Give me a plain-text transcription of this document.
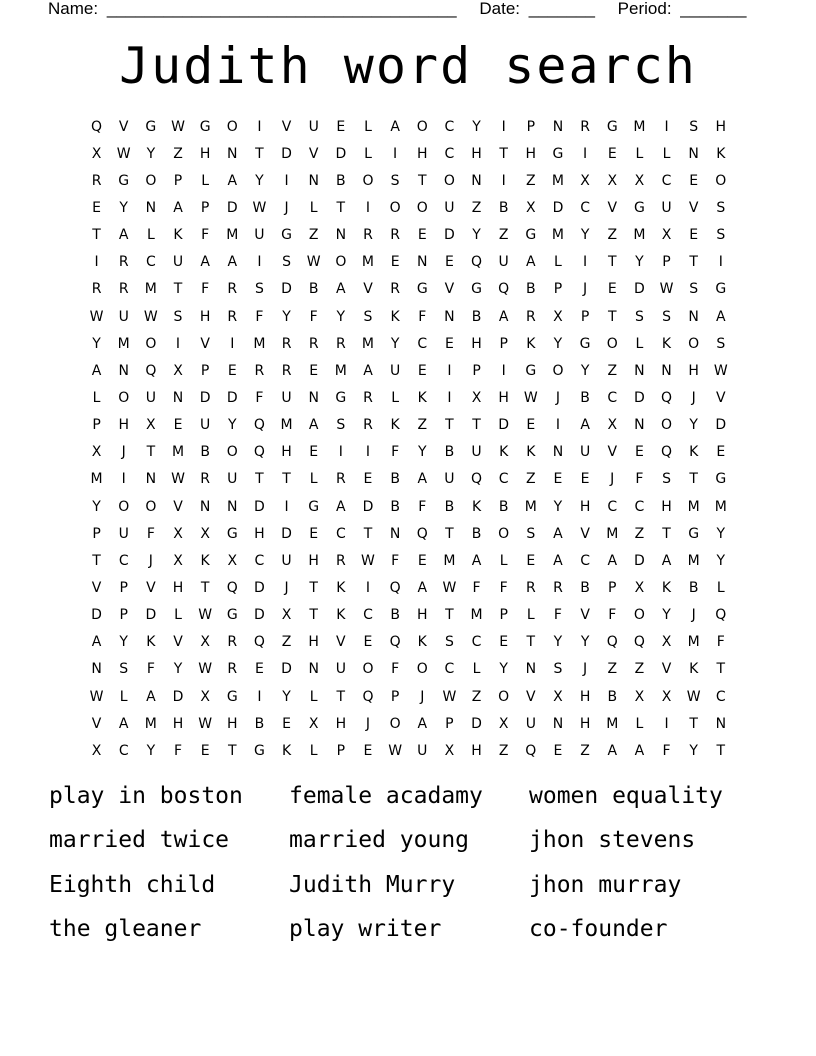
Name: _____________________________________ Date: _______ Period: _______
Judith word search
Q	V	G	W	G	O	I	V	U	E	L	A	O	C	Y	I	P	N	R	G	M	I	S	H
X	W	Y	Z	H	N	T	D	V	D	L	I	H	C	H	T	H	G	I	E	L	L	N	K
R	G	O	P	L	A	Y	I	N	B	O	S	T	O	N	I	Z	M	X	X	X	C	E	O
E	Y	N	A	P	D	W	J	L	T	I	O	O	U	Z	B	X	D	C	V	G	U	V	S
T	A	L	K	F	M	U	G	Z	N	R	R	E	D	Y	Z	G	M	Y	Z	M	X	E	S
I	R	C	U	A	A	I	S	W	O	M	E	N	E	Q	U	A	L	I	T	Y	P	T	I
R	R	M	T	F	R	S	D	B	A	V	R	G	V	G	Q	B	P	J	E	D	W	S	G
W	U	W	S	H	R	F	Y	F	Y	S	K	F	N	B	A	R	X	P	T	S	S	N	A
Y	M	O	I	V	I	M	R	R	R	M	Y	C	E	H	P	K	Y	G	O	L	K	O	S
A	N	Q	X	P	E	R	R	E	M	A	U	E	I	P	I	G	O	Y	Z	N	N	H	W
L	O	U	N	D	D	F	U	N	G	R	L	K	I	X	H	W	J	B	C	D	Q	J	V
P	H	X	E	U	Y	Q	M	A	S	R	K	Z	T	T	D	E	I	A	X	N	O	Y	D
X	J	T	M	B	O	Q	H	E	I	I	F	Y	B	U	K	K	N	U	V	E	Q	K	E
M	I	N	W	R	U	T	T	L	R	E	B	A	U	Q	C	Z	E	E	J	F	S	T	G
Y	O	O	V	N	N	D	I	G	A	D	B	F	B	K	B	M	Y	H	C	C	H	M	M
P	U	F	X	X	G	H	D	E	C	T	N	Q	T	B	O	S	A	V	M	Z	T	G	Y
T	C	J	X	K	X	C	U	H	R	W	F	E	M	A	L	E	A	C	A	D	A	M	Y
V	P	V	H	T	Q	D	J	T	K	I	Q	A	W	F	F	R	R	B	P	X	K	B	L
D	P	D	L	W	G	D	X	T	K	C	B	H	T	M	P	L	F	V	F	O	Y	J	Q
A	Y	K	V	X	R	Q	Z	H	V	E	Q	K	S	C	E	T	Y	Y	Q	Q	X	M	F
N	S	F	Y	W	R	E	D	N	U	O	F	O	C	L	Y	N	S	J	Z	Z	V	K	T
W	L	A	D	X	G	I	Y	L	T	Q	P	J	W	Z	O	V	X	H	B	X	X	W	C
V	A	M	H	W	H	B	E	X	H	J	O	A	P	D	X	U	N	H	M	L	I	T	N
X	C	Y	F	E	T	G	K	L	P	E	W	U	X	H	Z	Q	E	Z	A	A	F	Y	T
play in boston	female acadamy	women equality
married twice	married young	jhon stevens
Eighth child	Judith Murry	jhon murray
the gleaner	play writer	co-founder
